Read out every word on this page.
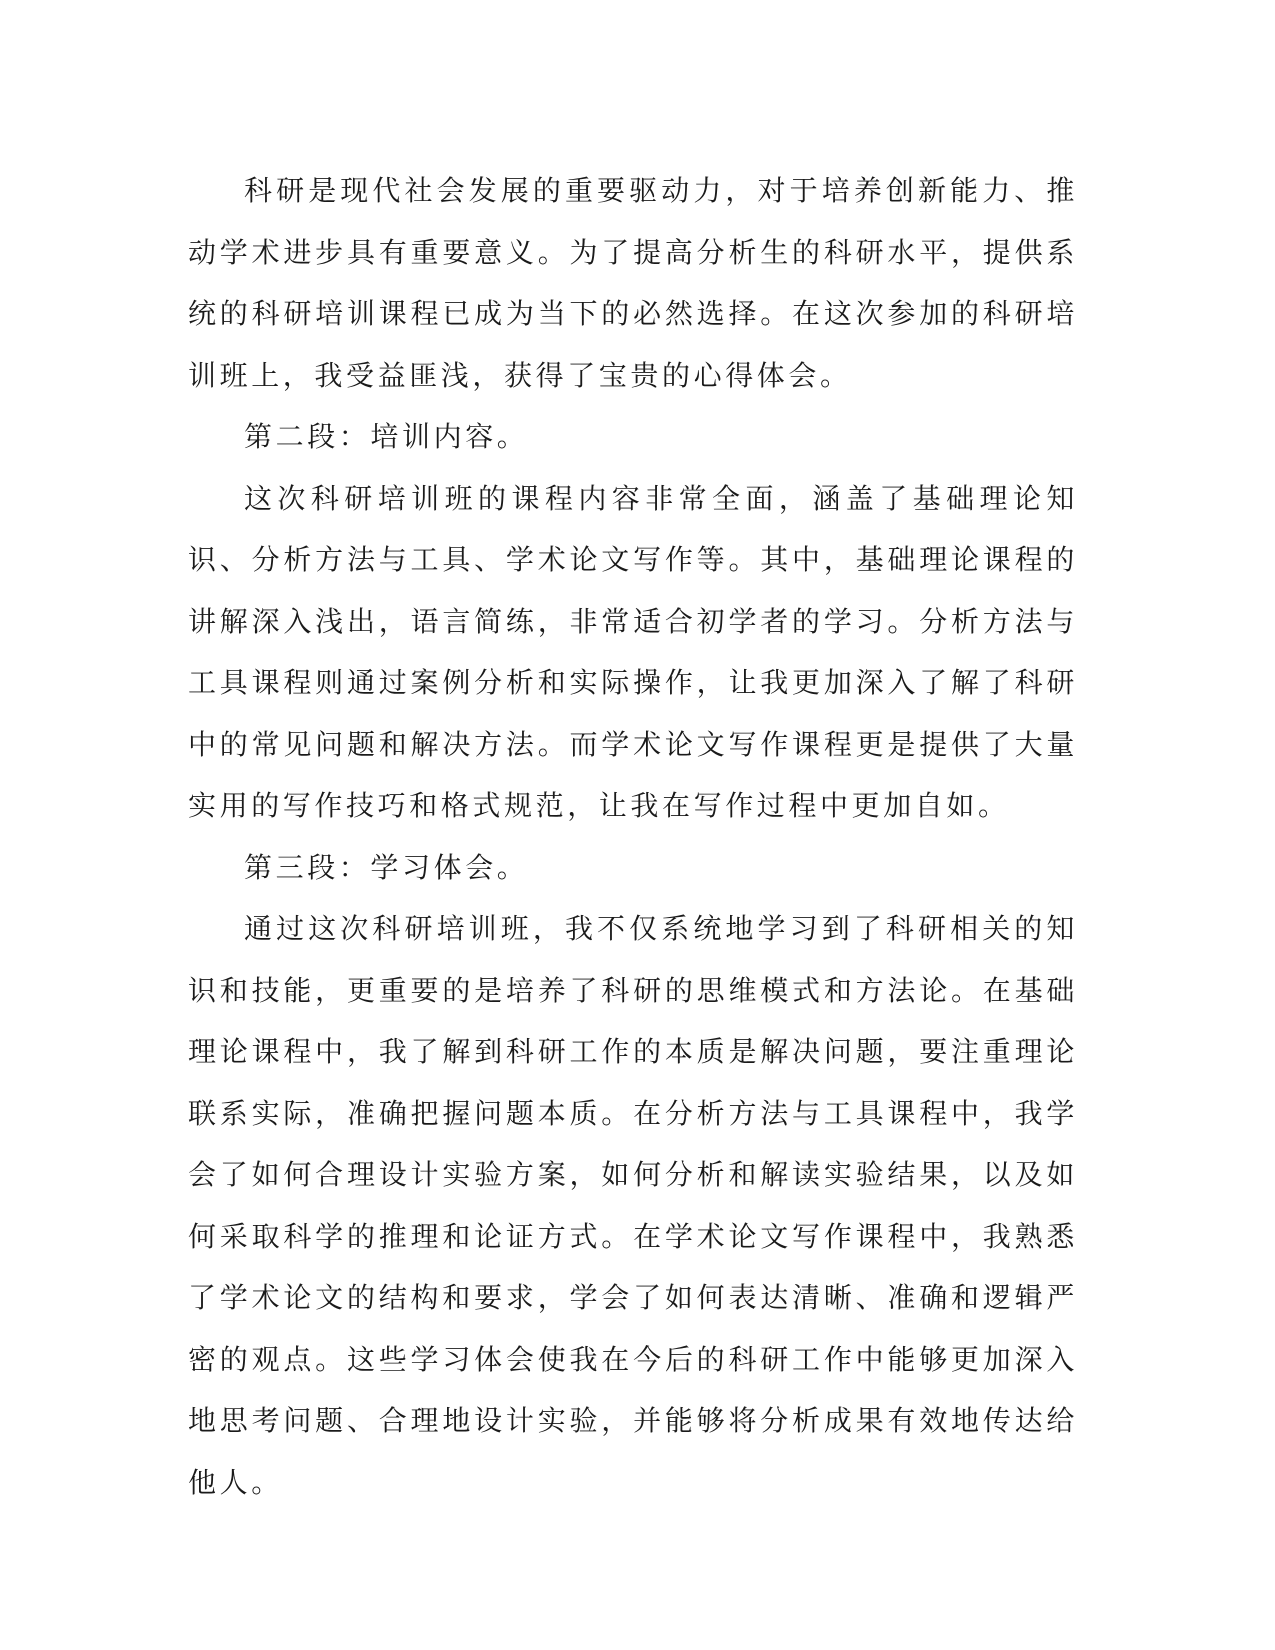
科研是现代社会发展的重要驱动力，对于培养创新能力、推动学术进步具有重要意义。为了提高分析生的科研水平，提供系统的科研培训课程已成为当下的必然选择。在这次参加的科研培训班上，我受益匪浅，获得了宝贵的心得体会。

第二段：培训内容。

这次科研培训班的课程内容非常全面，涵盖了基础理论知识、分析方法与工具、学术论文写作等。其中，基础理论课程的讲解深入浅出，语言简练，非常适合初学者的学习。分析方法与工具课程则通过案例分析和实际操作，让我更加深入了解了科研中的常见问题和解决方法。而学术论文写作课程更是提供了大量实用的写作技巧和格式规范，让我在写作过程中更加自如。

第三段：学习体会。

通过这次科研培训班，我不仅系统地学习到了科研相关的知识和技能，更重要的是培养了科研的思维模式和方法论。在基础理论课程中，我了解到科研工作的本质是解决问题，要注重理论联系实际，准确把握问题本质。在分析方法与工具课程中，我学会了如何合理设计实验方案，如何分析和解读实验结果，以及如何采取科学的推理和论证方式。在学术论文写作课程中，我熟悉了学术论文的结构和要求，学会了如何表达清晰、准确和逻辑严密的观点。这些学习体会使我在今后的科研工作中能够更加深入地思考问题、合理地设计实验，并能够将分析成果有效地传达给他人。
